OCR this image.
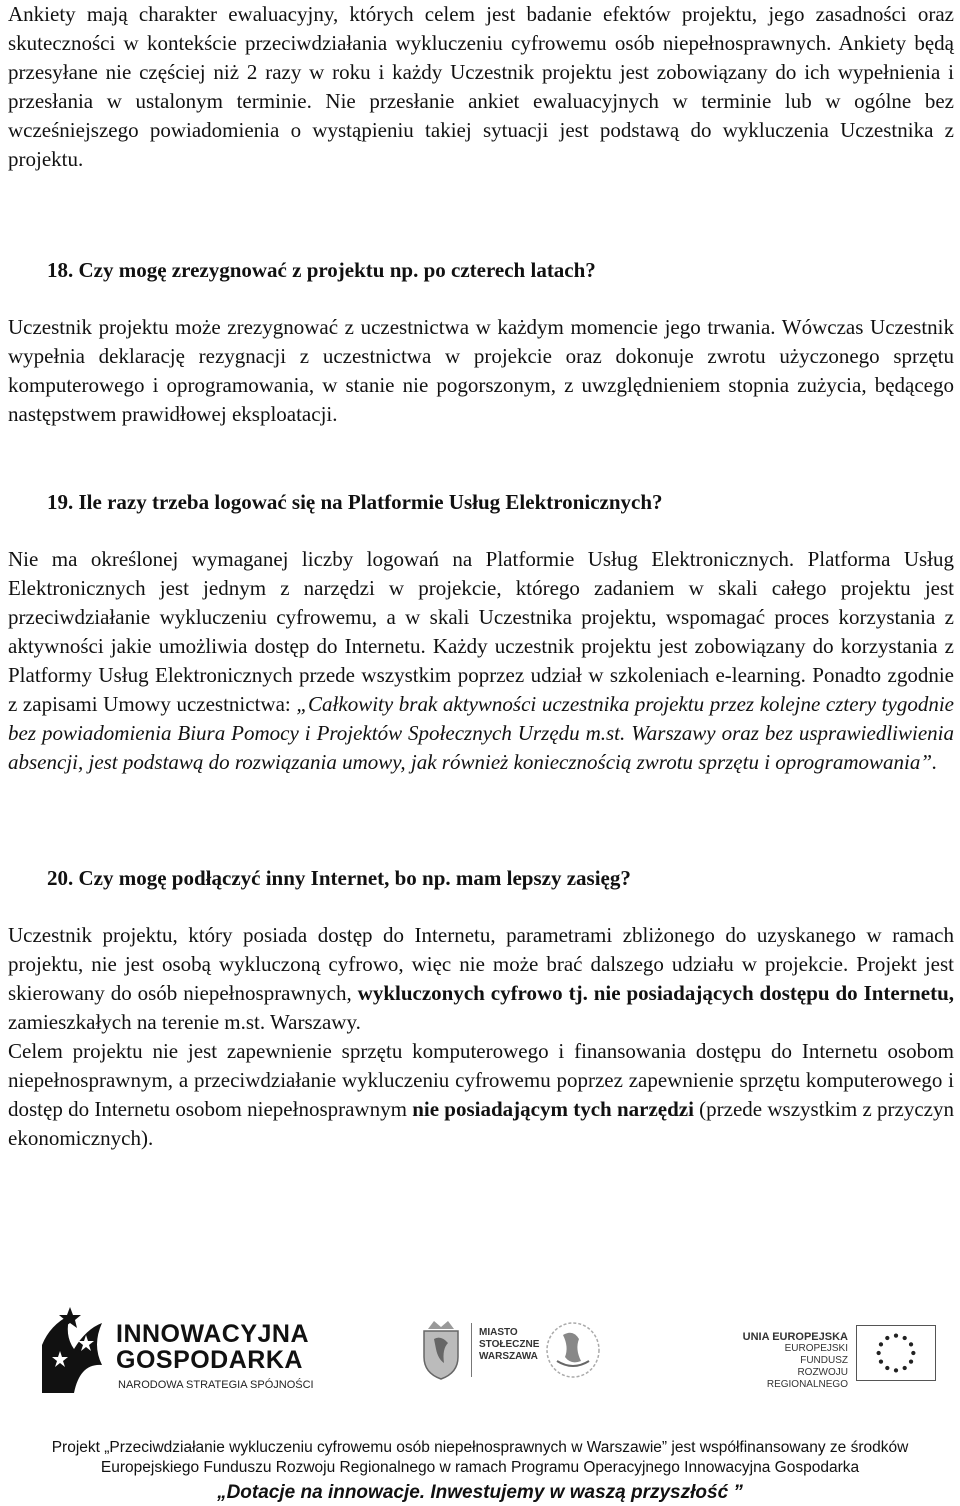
Ankiety mają charakter ewaluacyjny, których celem jest badanie efektów projektu, jego zasadności oraz skuteczności w kontekście przeciwdziałania wykluczeniu cyfrowemu osób niepełnosprawnych. Ankiety będą przesyłane nie częściej niż 2 razy w roku i każdy Uczestnik projektu jest zobowiązany do ich wypełnienia i przesłania w ustalonym terminie. Nie przesłanie ankiet ewaluacyjnych w terminie lub w ogólne bez wcześniejszego powiadomienia o wystąpieniu takiej sytuacji jest podstawą do wykluczenia Uczestnika z projektu.

18. Czy mogę zrezygnować z projektu np. po czterech latach?

Uczestnik projektu może zrezygnować z uczestnictwa w każdym momencie jego trwania. Wówczas Uczestnik wypełnia deklarację rezygnacji z uczestnictwa w projekcie oraz dokonuje zwrotu użyczonego sprzętu komputerowego i oprogramowania, w stanie nie pogorszonym, z uwzględnieniem stopnia zużycia, będącego następstwem prawidłowej eksploatacji.

19. Ile razy trzeba logować się na Platformie Usług Elektronicznych?

Nie ma określonej wymaganej liczby logowań na Platformie Usług Elektronicznych. Platforma Usług Elektronicznych jest jednym z narzędzi w projekcie, którego zadaniem w skali całego projektu jest przeciwdziałanie wykluczeniu cyfrowemu, a w skali Uczestnika projektu, wspomagać proces korzystania z aktywności jakie umożliwia dostęp do Internetu. Każdy uczestnik projektu jest zobowiązany do korzystania z Platformy Usług Elektronicznych przede wszystkim poprzez udział w szkoleniach e-learning. Ponadto zgodnie z zapisami Umowy uczestnictwa: „Całkowity brak aktywności uczestnika projektu przez kolejne cztery tygodnie bez powiadomienia Biura Pomocy i Projektów Społecznych Urzędu m.st. Warszawy oraz bez usprawiedliwienia absencji, jest podstawą do rozwiązania umowy, jak również koniecznością zwrotu sprzętu i oprogramowania”.

20. Czy mogę podłączyć inny Internet, bo np. mam lepszy zasięg?

Uczestnik projektu, który posiada dostęp do Internetu, parametrami zbliżonego do uzyskanego w ramach projektu, nie jest osobą wykluczoną cyfrowo, więc nie może brać dalszego udziału w projekcie. Projekt jest skierowany do osób niepełnosprawnych, wykluczonych cyfrowo tj. nie posiadających dostępu do Internetu, zamieszkałych na terenie m.st. Warszawy.

Celem projektu nie jest zapewnienie sprzętu komputerowego i finansowania dostępu do Internetu osobom niepełnosprawnym, a przeciwdziałanie wykluczeniu cyfrowemu poprzez zapewnienie sprzętu komputerowego i dostęp do Internetu osobom niepełnosprawnym nie posiadającym tych narzędzi (przede wszystkim z przyczyn ekonomicznych).

INNOWACYJNA
GOSPODARKA
NARODOWA STRATEGIA SPÓJNOŚCI
MIASTO
STOŁECZNE
WARSZAWA
UNIA EUROPEJSKA
EUROPEJSKI FUNDUSZ
ROZWOJU REGIONALNEGO
Projekt „Przeciwdziałanie wykluczeniu cyfrowemu osób niepełnosprawnych w Warszawie” jest współfinansowany ze środków
Europejskiego Funduszu Rozwoju Regionalnego w ramach Programu Operacyjnego Innowacyjna Gospodarka
„Dotacje na innowacje. Inwestujemy w waszą przyszłość ”
